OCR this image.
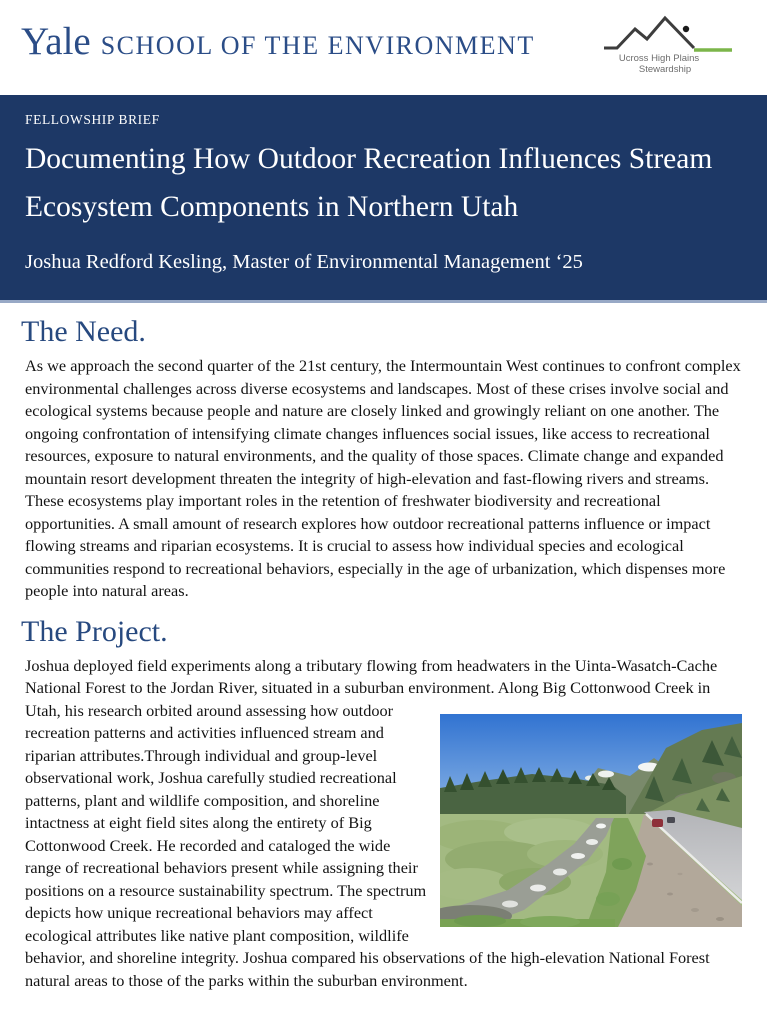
Yale SCHOOL OF THE ENVIRONMENT	Ucross High Plains
Stewardship
FELLOWSHIP BRIEF
Documenting How Outdoor Recreation Influences Stream Ecosystem Components in Northern Utah
Joshua Redford Kesling, Master of Environmental Management ‘25
The Need.

As we approach the second quarter of the 21st century, the Intermountain West continues to confront complex environmental challenges across diverse ecosystems and landscapes. Most of these crises involve social and ecological systems because people and nature are closely linked and growingly reliant on one another. The ongoing confrontation of intensifying climate changes influences social issues, like access to recreational resources, exposure to natural environments, and the quality of those spaces. Climate change and expanded mountain resort development threaten the integrity of high-elevation and fast-flowing rivers and streams. These ecosystems play important roles in the retention of freshwater biodiversity and recreational opportunities. A small amount of research explores how outdoor recreational patterns influence or impact flowing streams and riparian ecosystems. It is crucial to assess how individual species and ecological communities respond to recreational behaviors, especially in the age of urbanization, which dispenses more people into natural areas.

The Project.

Joshua deployed field experiments along a tributary flowing from headwaters in the Uinta-Wasatch-Cache National Forest to the Jordan River, situated in a suburban environment. Along Big Cottonwood Creek in
Utah, his research orbited around assessing how outdoor recreation patterns and activities influenced stream and riparian attributes.Through individual and group-level observational work, Joshua carefully studied recreational patterns, plant and wildlife composition, and shoreline intactness at eight field sites along the entirety of Big Cottonwood Creek. He recorded and cataloged the wide range of recreational behaviors present while assigning their positions on a resource sustainability spectrum. The spectrum depicts how unique recreational behaviors may affect ecological attributes like native plant composition, wildlife behavior, and shoreline integrity. Joshua compared his observations of the high-elevation National Forest natural areas to those of the parks within the suburban environment.
